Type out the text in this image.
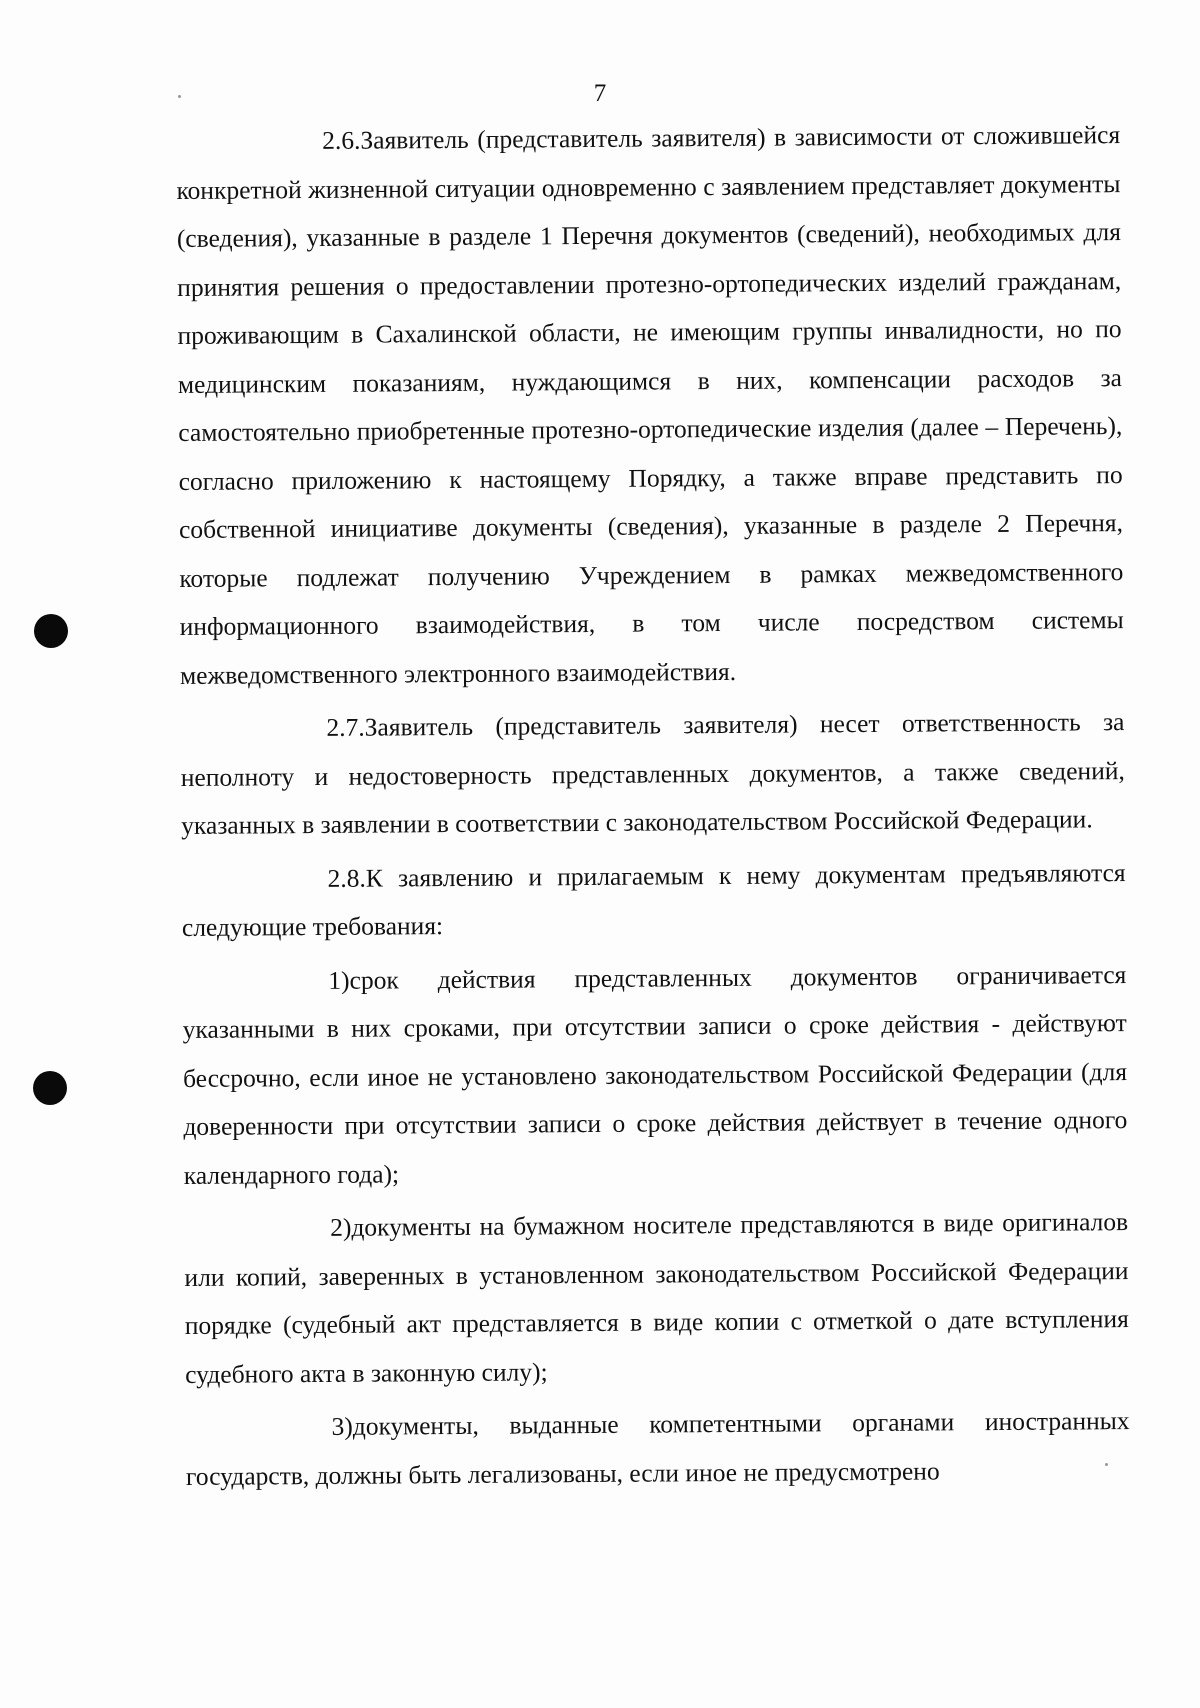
7

2.6.Заявитель (представитель заявителя) в зависимости от сложившейся конкретной жизненной ситуации одновременно с заявлением представляет документы (сведения), указанные в разделе 1 Перечня документов (сведений), необходимых для принятия решения о предоставлении протезно-ортопедических изделий гражданам, проживающим в Сахалинской области, не имеющим группы инвалидности, но по медицинским показаниям, нуждающимся в них, компенсации расходов за самостоятельно приобретенные протезно-ортопедические изделия (далее – Перечень), согласно приложению к настоящему Порядку, а также вправе представить по собственной инициативе документы (сведения), указанные в разделе 2 Перечня, которые подлежат получению Учреждением в рамках межведомственного информационного взаимодействия, в том числе посредством системы межведомственного электронного взаимодействия.

2.7.Заявитель (представитель заявителя) несет ответственность за неполноту и недостоверность представленных документов, а также сведений, указанных в заявлении в соответствии с законодательством Российской Федерации.

2.8.К заявлению и прилагаемым к нему документам предъявляются следующие требования:

1)срок действия представленных документов ограничивается указанными в них сроками, при отсутствии записи о сроке действия - действуют бессрочно, если иное не установлено законодательством Российской Федерации (для доверенности при отсутствии записи о сроке действия действует в течение одного календарного года);

2)документы на бумажном носителе представляются в виде оригиналов или копий, заверенных в установленном законодательством Российской Федерации порядке (судебный акт представляется в виде копии с отметкой о дате вступления судебного акта в законную силу);

3)документы, выданные компетентными органами иностранных государств, должны быть легализованы, если иное не предусмотрено
